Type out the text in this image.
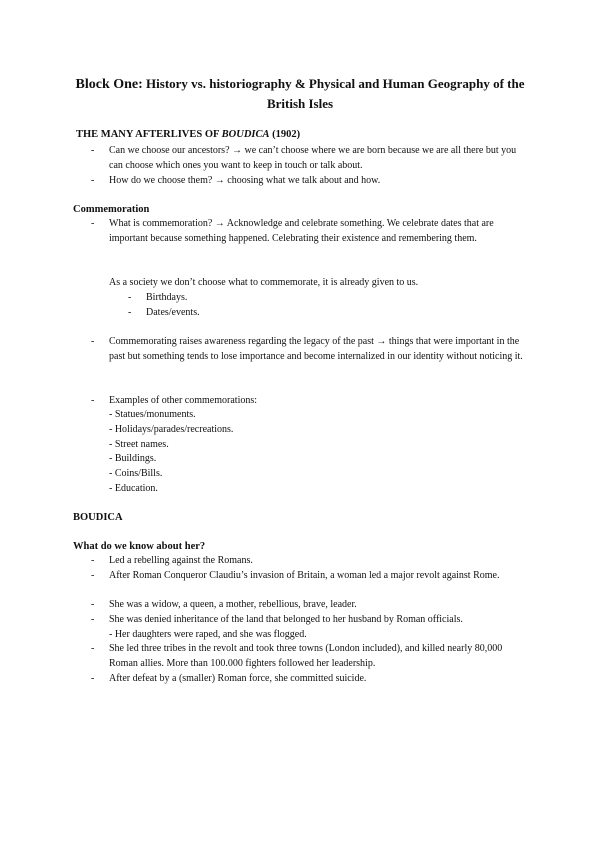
Block One: History vs. historiography & Physical and Human Geography of the British Isles
THE MANY AFTERLIVES OF BOUDICA (1902)
- Can we choose our ancestors? → we can’t choose where we are born because we are all there but you can choose which ones you want to keep in touch or talk about.
- How do we choose them? → choosing what we talk about and how.
Commemoration
- What is commemoration? → Acknowledge and celebrate something. We celebrate dates that are important because something happened. Celebrating their existence and remembering them.
As a society we don’t choose what to commemorate, it is already given to us.
- Birthdays.
- Dates/events.
- Commemorating raises awareness regarding the legacy of the past → things that were important in the past but something tends to lose importance and become internalized in our identity without noticing it.
- Examples of other commemorations:
- Statues/monuments.
- Holidays/parades/recreations.
- Street names.
- Buildings.
- Coins/Bills.
- Education.
BOUDICA
What do we know about her?
- Led a rebelling against the Romans.
- After Roman Conqueror Claudiu’s invasion of Britain, a woman led a major revolt against Rome.
- She was a widow, a queen, a mother, rebellious, brave, leader.
- She was denied inheritance of the land that belonged to her husband by Roman officials.
- Her daughters were raped, and she was flogged.
- She led three tribes in the revolt and took three towns (London included), and killed nearly 80,000 Roman allies. More than 100.000 fighters followed her leadership.
- After defeat by a (smaller) Roman force, she committed suicide.
